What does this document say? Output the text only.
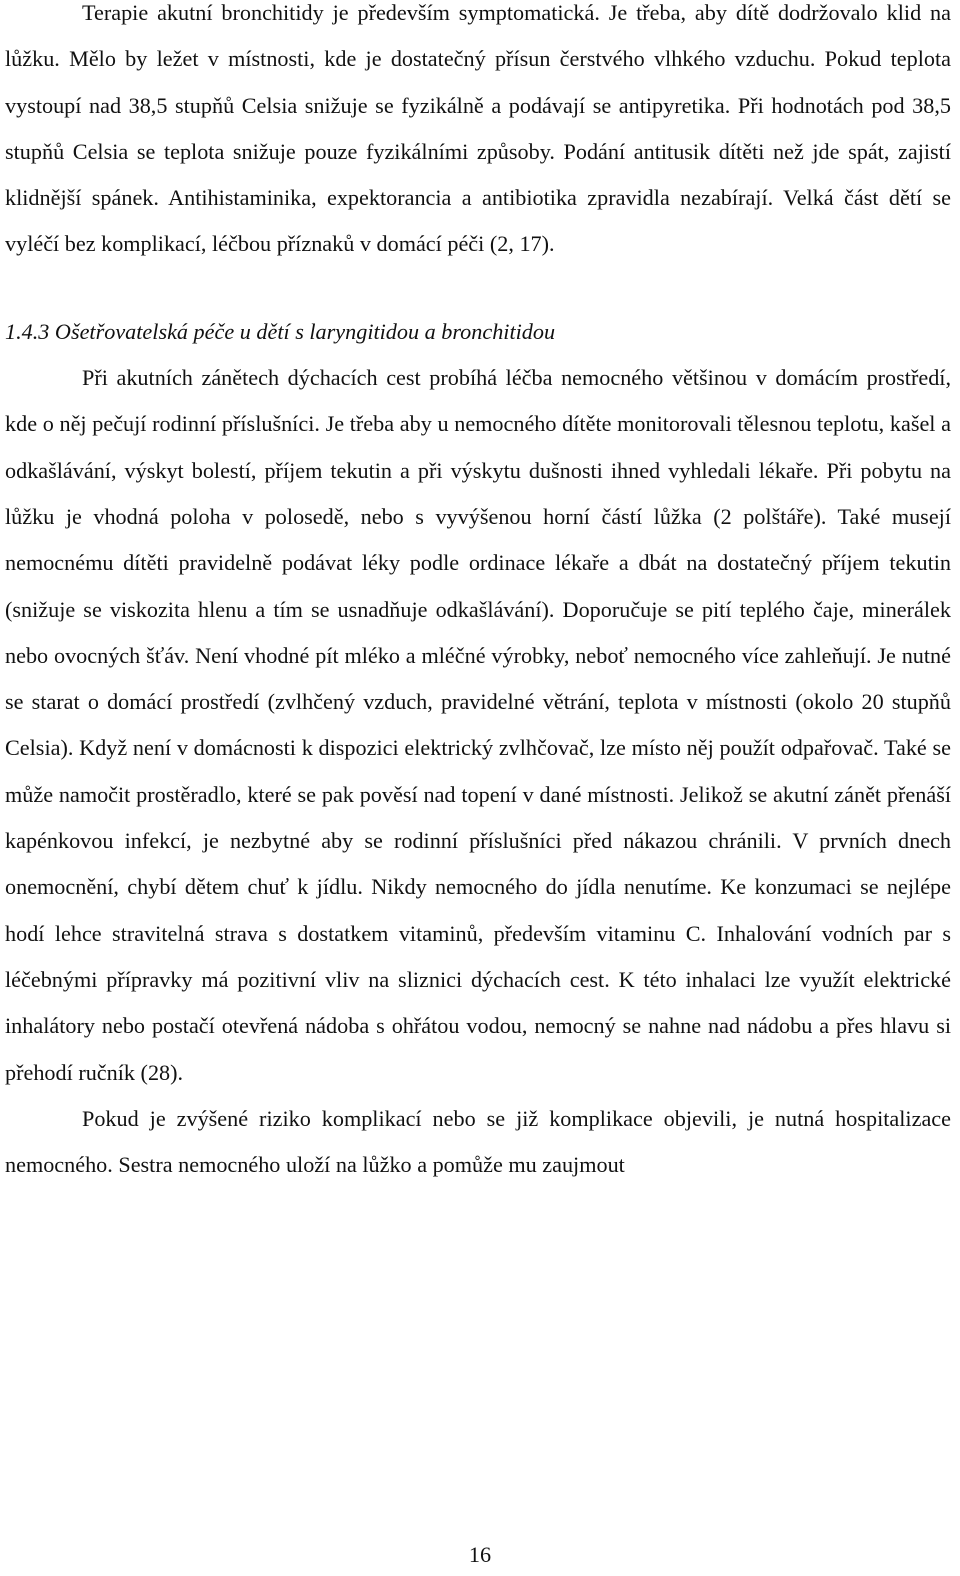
Terapie akutní bronchitidy je především symptomatická. Je třeba, aby dítě dodržovalo klid na lůžku. Mělo by ležet v místnosti, kde je dostatečný přísun čerstvého vlhkého vzduchu. Pokud teplota vystoupí nad 38,5 stupňů Celsia snižuje se fyzikálně a podávají se antipyretika. Při hodnotách pod 38,5 stupňů Celsia se teplota snižuje pouze fyzikálními způsoby. Podání antitusik dítěti než jde spát, zajistí klidnější spánek. Antihistaminika, expektorancia a antibiotika zpravidla nezabírají. Velká část dětí se vyléčí bez komplikací, léčbou příznaků v domácí péči (2, 17).

1.4.3 Ošetřovatelská péče u dětí s laryngitidou a bronchitidou

Při akutních zánětech dýchacích cest probíhá léčba nemocného většinou v domácím prostředí, kde o něj pečují rodinní příslušníci. Je třeba aby u nemocného dítěte monitorovali tělesnou teplotu, kašel a odkašlávání, výskyt bolestí, příjem tekutin a při výskytu dušnosti ihned vyhledali lékaře. Při pobytu na lůžku je vhodná poloha v polosedě, nebo s vyvýšenou horní částí lůžka (2 polštáře). Také musejí nemocnému dítěti pravidelně podávat léky podle ordinace lékaře a dbát na dostatečný příjem tekutin (snižuje se viskozita hlenu a tím se usnadňuje odkašlávání). Doporučuje se pití teplého čaje, minerálek nebo ovocných šťáv. Není vhodné pít mléko a mléčné výrobky, neboť nemocného více zahleňují. Je nutné se starat o domácí prostředí (zvlhčený vzduch, pravidelné větrání, teplota v místnosti (okolo 20 stupňů Celsia). Když není v domácnosti k dispozici elektrický zvlhčovač, lze místo něj použít odpařovač. Také se může namočit prostěradlo, které se pak pověsí nad topení v dané místnosti. Jelikož se akutní zánět přenáší kapénkovou infekcí, je nezbytné aby se rodinní příslušníci před nákazou chránili. V prvních dnech onemocnění, chybí dětem chuť k jídlu. Nikdy nemocného do jídla nenutíme. Ke konzumaci se nejlépe hodí lehce stravitelná strava s dostatkem vitaminů, především vitaminu C. Inhalování vodních par s léčebnými přípravky má pozitivní vliv na sliznici dýchacích cest. K této inhalaci lze využít elektrické inhalátory nebo postačí otevřená nádoba s ohřátou vodou, nemocný se nahne nad nádobu a přes hlavu si přehodí ručník (28).

Pokud je zvýšené riziko komplikací nebo se již komplikace objevili, je nutná hospitalizace nemocného. Sestra nemocného uloží na lůžko a pomůže mu zaujmout

16
